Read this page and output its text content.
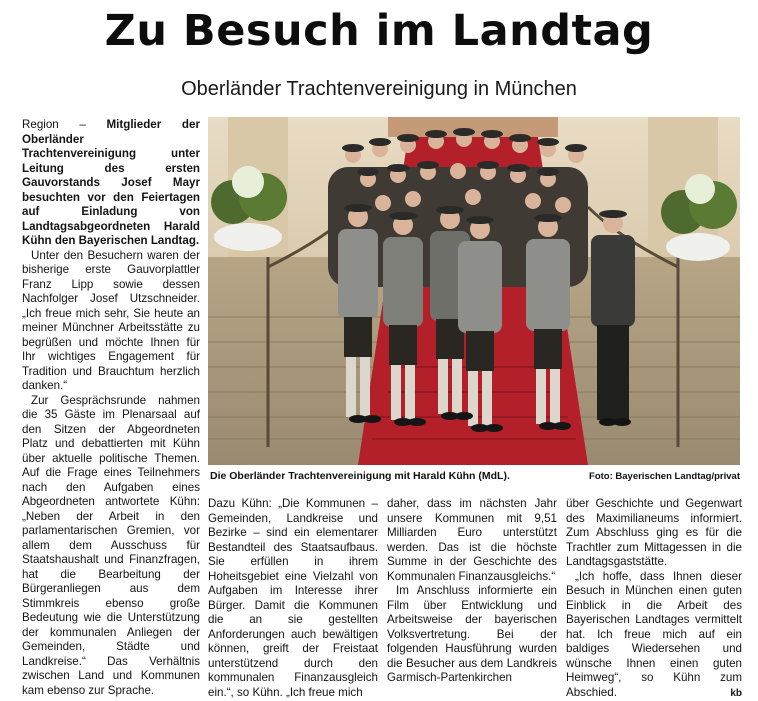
Zu Besuch im Landtag
Oberländer Trachtenvereinigung in München

Region – Mitglieder der Oberländer Trachtenvereinigung unter Leitung des ersten Gauvorstands Josef Mayr besuchten vor den Feiertagen auf Einladung von Landtagsabgeordneten Harald Kühn den Bayerischen Landtag.

Unter den Besuchern waren der bisherige erste Gauvorplattler Franz Lipp sowie dessen Nachfolger Josef Utzschneider. „Ich freue mich sehr, Sie heute an meiner Münchner Arbeitsstätte zu begrüßen und möchte Ihnen für Ihr wichtiges Engagement für Tradition und Brauchtum herzlich danken.“

Zur Gesprächsrunde nahmen die 35 Gäste im Plenarsaal auf den Sitzen der Abgeordneten Platz und debattierten mit Kühn über aktuelle politische Themen. Auf die Frage eines Teilnehmers nach den Aufgaben eines Abgeordneten antwortete Kühn: „Neben der Arbeit in den parlamentarischen Gremien, vor allem dem Ausschuss für Staatshaushalt und Finanzfragen, hat die Bearbeitung der Bürgeranliegen aus dem Stimmkreis ebenso große Bedeutung wie die Unterstützung der kommunalen Anliegen der Gemeinden, Städte und Landkreise.“ Das Verhältnis zwischen Land und Kommunen kam ebenso zur Sprache.

Die Oberländer Trachtenvereinigung mit Harald Kühn (MdL).	Foto: Bayerischen Landtag/privat

Dazu Kühn: „Die Kommunen – Gemeinden, Landkreise und Bezirke – sind ein elementarer Bestandteil des Staatsaufbaus. Sie erfüllen in ihrem Hoheitsgebiet eine Vielzahl von Aufgaben im Interesse ihrer Bürger. Damit die Kommunen die an sie gestellten Anforderungen auch bewältigen können, greift der Freistaat unterstützend durch den kommunalen Finanzausgleich ein.“, so Kühn. „Ich freue mich

daher, dass im nächsten Jahr unsere Kommunen mit 9,51 Milliarden Euro unterstützt werden. Das ist die höchste Summe in der Geschichte des Kommunalen Finanzausgleichs.“

Im Anschluss informierte ein Film über Entwicklung und Arbeitsweise der bayerischen Volksvertretung. Bei der folgenden Hausführung wurden die Besucher aus dem Landkreis Garmisch-Partenkirchen

über Geschichte und Gegenwart des Maximilianeums informiert. Zum Abschluss ging es für die Trachtler zum Mittagessen in die Landtagsgaststätte.

„Ich hoffe, dass Ihnen dieser Besuch in München einen guten Einblick in die Arbeit des Bayerischen Landtages vermittelt hat. Ich freue mich auf ein baldiges Wiedersehen und wünsche Ihnen einen guten Heimweg“, so Kühn zum Abschied.	kb
